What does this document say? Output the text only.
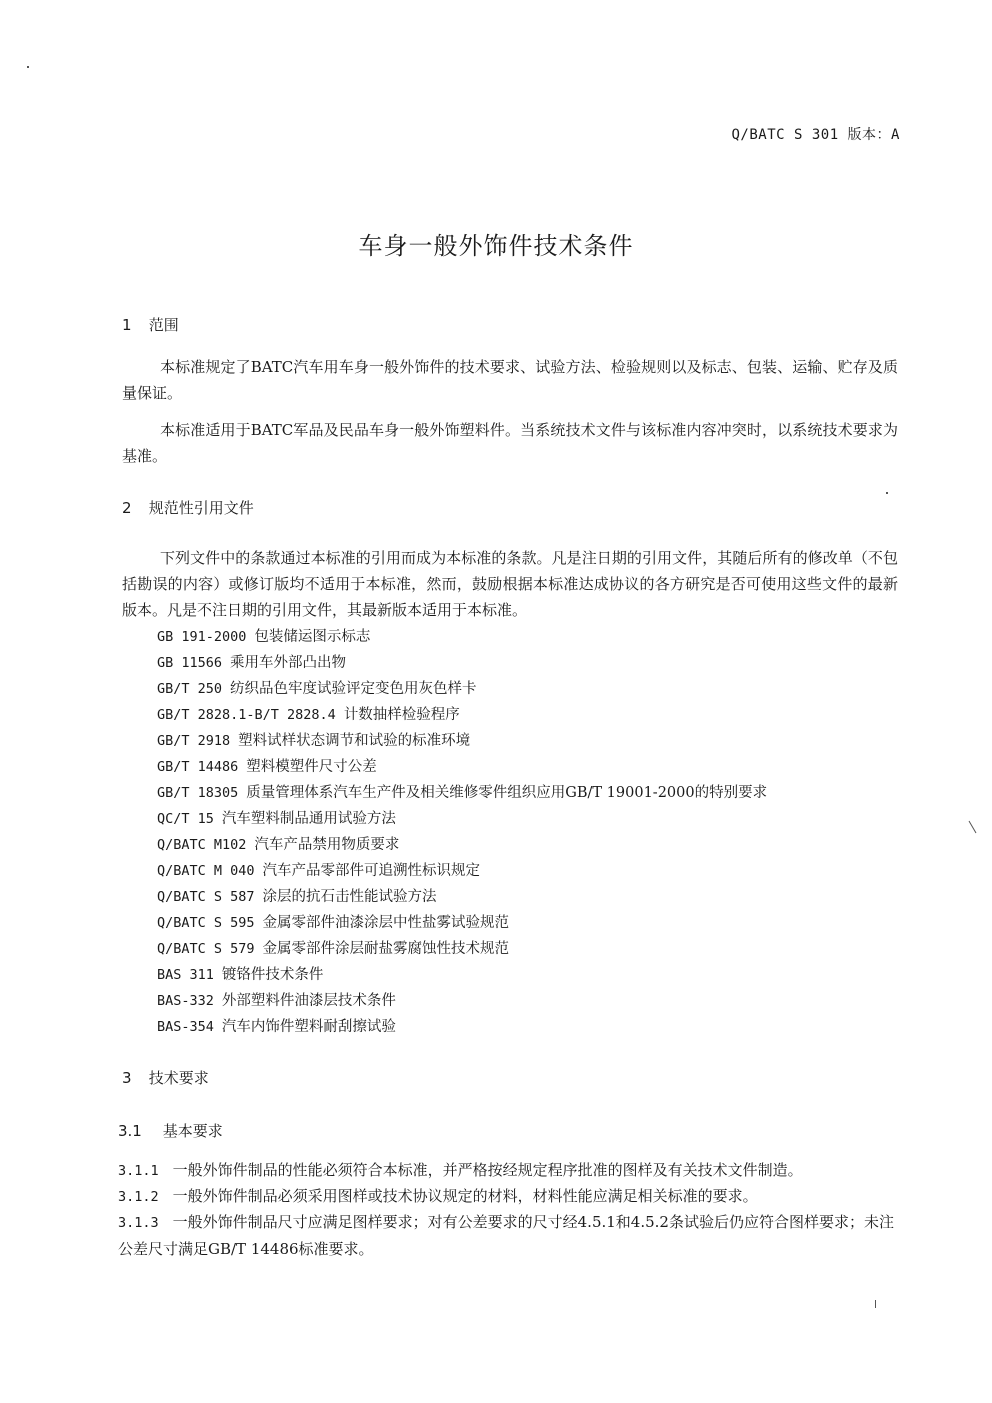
Q/BATC S 301 版本：A
车身一般外饰件技术条件
1 范围

本标准规定了BATC汽车用车身一般外饰件的技术要求、试验方法、检验规则以及标志、包装、运输、贮存及质量保证。

本标准适用于BATC军品及民品车身一般外饰塑料件。当系统技术文件与该标准内容冲突时，以系统技术要求为基准。

2 规范性引用文件

下列文件中的条款通过本标准的引用而成为本标准的条款。凡是注日期的引用文件，其随后所有的修改单（不包括勘误的内容）或修订版均不适用于本标准，然而，鼓励根据本标准达成协议的各方研究是否可使用这些文件的最新版本。凡是不注日期的引用文件，其最新版本适用于本标准。

GB 191-2000 包装储运图示标志
GB 11566 乘用车外部凸出物
GB/T 250 纺织品色牢度试验评定变色用灰色样卡
GB/T 2828.1-B/T 2828.4 计数抽样检验程序
GB/T 2918 塑料试样状态调节和试验的标准环境
GB/T 14486 塑料模塑件尺寸公差
GB/T 18305 质量管理体系汽车生产件及相关维修零件组织应用GB/T 19001-2000的特别要求
QC/T 15 汽车塑料制品通用试验方法
Q/BATC M102 汽车产品禁用物质要求
Q/BATC M 040 汽车产品零部件可追溯性标识规定
Q/BATC S 587 涂层的抗石击性能试验方法
Q/BATC S 595 金属零部件油漆涂层中性盐雾试验规范
Q/BATC S 579 金属零部件涂层耐盐雾腐蚀性技术规范
BAS 311 镀铬件技术条件
BAS-332 外部塑料件油漆层技术条件
BAS-354 汽车内饰件塑料耐刮擦试验
3 技术要求
3.1 基本要求
3.1.1 一般外饰件制品的性能必须符合本标准，并严格按经规定程序批准的图样及有关技术文件制造。
3.1.2 一般外饰件制品必须采用图样或技术协议规定的材料，材料性能应满足相关标准的要求。
3.1.3 一般外饰件制品尺寸应满足图样要求；对有公差要求的尺寸经4.5.1和4.5.2条试验后仍应符合图样要求；未注公差尺寸满足GB/T 14486标准要求。
